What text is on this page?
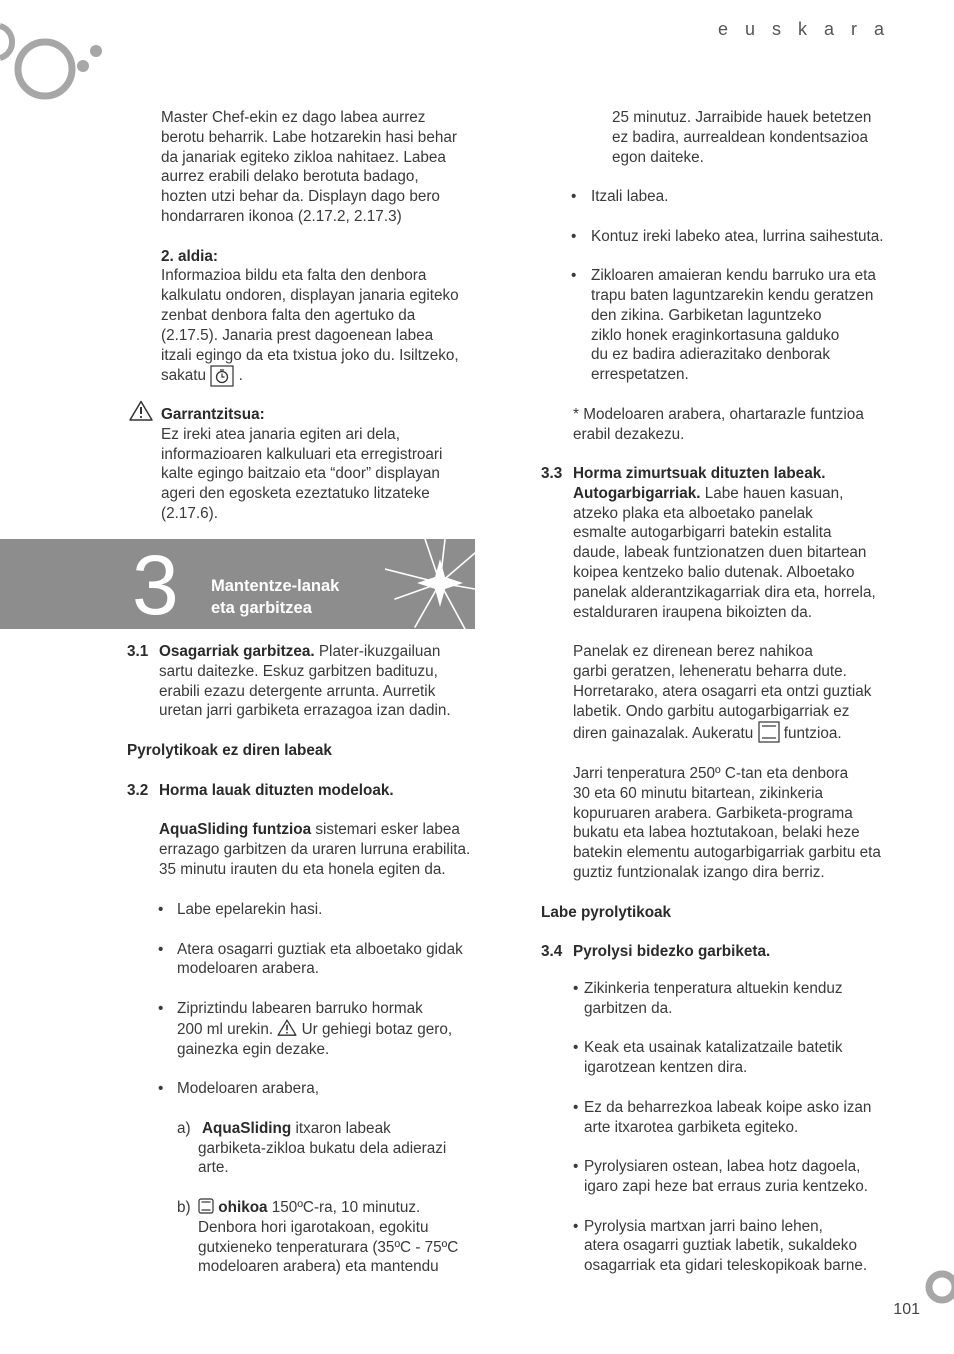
e u s k a r a

Master Chef-ekin ez dago labea aurrez

berotu beharrik. Labe hotzarekin hasi behar

da janariak egiteko zikloa nahitaez. Labea

aurrez erabili delako berotuta badago,

hozten utzi behar da. Displayn dago bero

hondarraren ikonoa (2.17.2, 2.17.3)

2. aldia:

Informazioa bildu eta falta den denbora

kalkulatu ondoren, displayan janaria egiteko

zenbat denbora falta den agertuko da

(2.17.5). Janaria prest dagoenean labea

itzali egingo da eta txistua joko du. Isiltzeko,

sakatu .

Garrantzitsua:

Ez ireki atea janaria egiten ari dela,

informazioaren kalkuluari eta erregistroari

kalte egingo baitzaio eta “door” displayan

ageri den egosketa ezeztatuko litzateke

(2.17.6).

3 Mantentze-lanak
eta garbitzea
3.1 Osagarriak garbitzea. Plater-ikuzgailuan

sartu daitezke. Eskuz garbitzen badituzu,

erabili ezazu detergente arrunta. Aurretik

uretan jarri garbiketa errazagoa izan dadin.

Pyrolytikoak ez diren labeak

3.2 Horma lauak dituzten modeloak.

AquaSliding funtzioa sistemari esker labea

errazago garbitzen da uraren lurruna erabilita.

35 minutu irauten du eta honela egiten da.

• Labe epelarekin hasi.

• Atera osagarri guztiak eta alboetako gidak

modeloaren arabera.

• Zipriztindu labearen barruko hormak

200 ml urekin. Ur gehiegi botaz gero,

gainezka egin dezake.

• Modeloaren arabera,

a) AquaSliding itxaron labeak

garbiketa-zikloa bukatu dela adierazi

arte.

b)	ohikoa 150ºC-ra, 10 minutuz.

Denbora hori igarotakoan, egokitu

gutxieneko tenperaturara (35ºC - 75ºC

modeloaren arabera) eta mantendu

25 minutuz. Jarraibide hauek betetzen

ez badira, aurrealdean kondentsazioa

egon daiteke.

• Itzali labea.

• Kontuz ireki labeko atea, lurrina saihestuta.

• Zikloaren amaieran kendu barruko ura eta

trapu baten laguntzarekin kendu geratzen

den zikina. Garbiketan laguntzeko

ziklo honek eraginkortasuna galduko

du ez badira adierazitako denborak

errespetatzen.

* Modeloaren arabera, ohartarazle funtzioa

erabil dezakezu.

3.3 Horma zimurtsuak dituzten labeak.

Autogarbigarriak. Labe hauen kasuan,

atzeko plaka eta alboetako panelak

esmalte autogarbigarri batekin estalita

daude, labeak funtzionatzen duen bitartean

koipea kentzeko balio dutenak. Alboetako

panelak alderantzikagarriak dira eta, horrela,

estalduraren iraupena bikoizten da.

Panelak ez direnean berez nahikoa

garbi geratzen, leheneratu beharra dute.

Horretarako, atera osagarri eta ontzi guztiak

labetik. Ondo garbitu autogarbigarriak ez

diren gainazalak. Aukeratu funtzioa.

Jarri tenperatura 250º C-tan eta denbora

30 eta 60 minutu bitartean, zikinkeria

kopuruaren arabera. Garbiketa-programa

bukatu eta labea hoztutakoan, belaki heze

batekin elementu autogarbigarriak garbitu eta

guztiz funtzionalak izango dira berriz.

Labe pyrolytikoak

3.4 Pyrolysi bidezko garbiketa.

• Zikinkeria tenperatura altuekin kenduz

garbitzen da.

• Keak eta usainak katalizatzaile batetik

igarotzean kentzen dira.

• Ez da beharrezkoa labeak koipe asko izan

arte itxarotea garbiketa egiteko.

• Pyrolysiaren ostean, labea hotz dagoela,

igaro zapi heze bat erraus zuria kentzeko.

• Pyrolysia martxan jarri baino lehen,

atera osagarri guztiak labetik, sukaldeko

osagarriak eta gidari teleskopikoak barne.

101
